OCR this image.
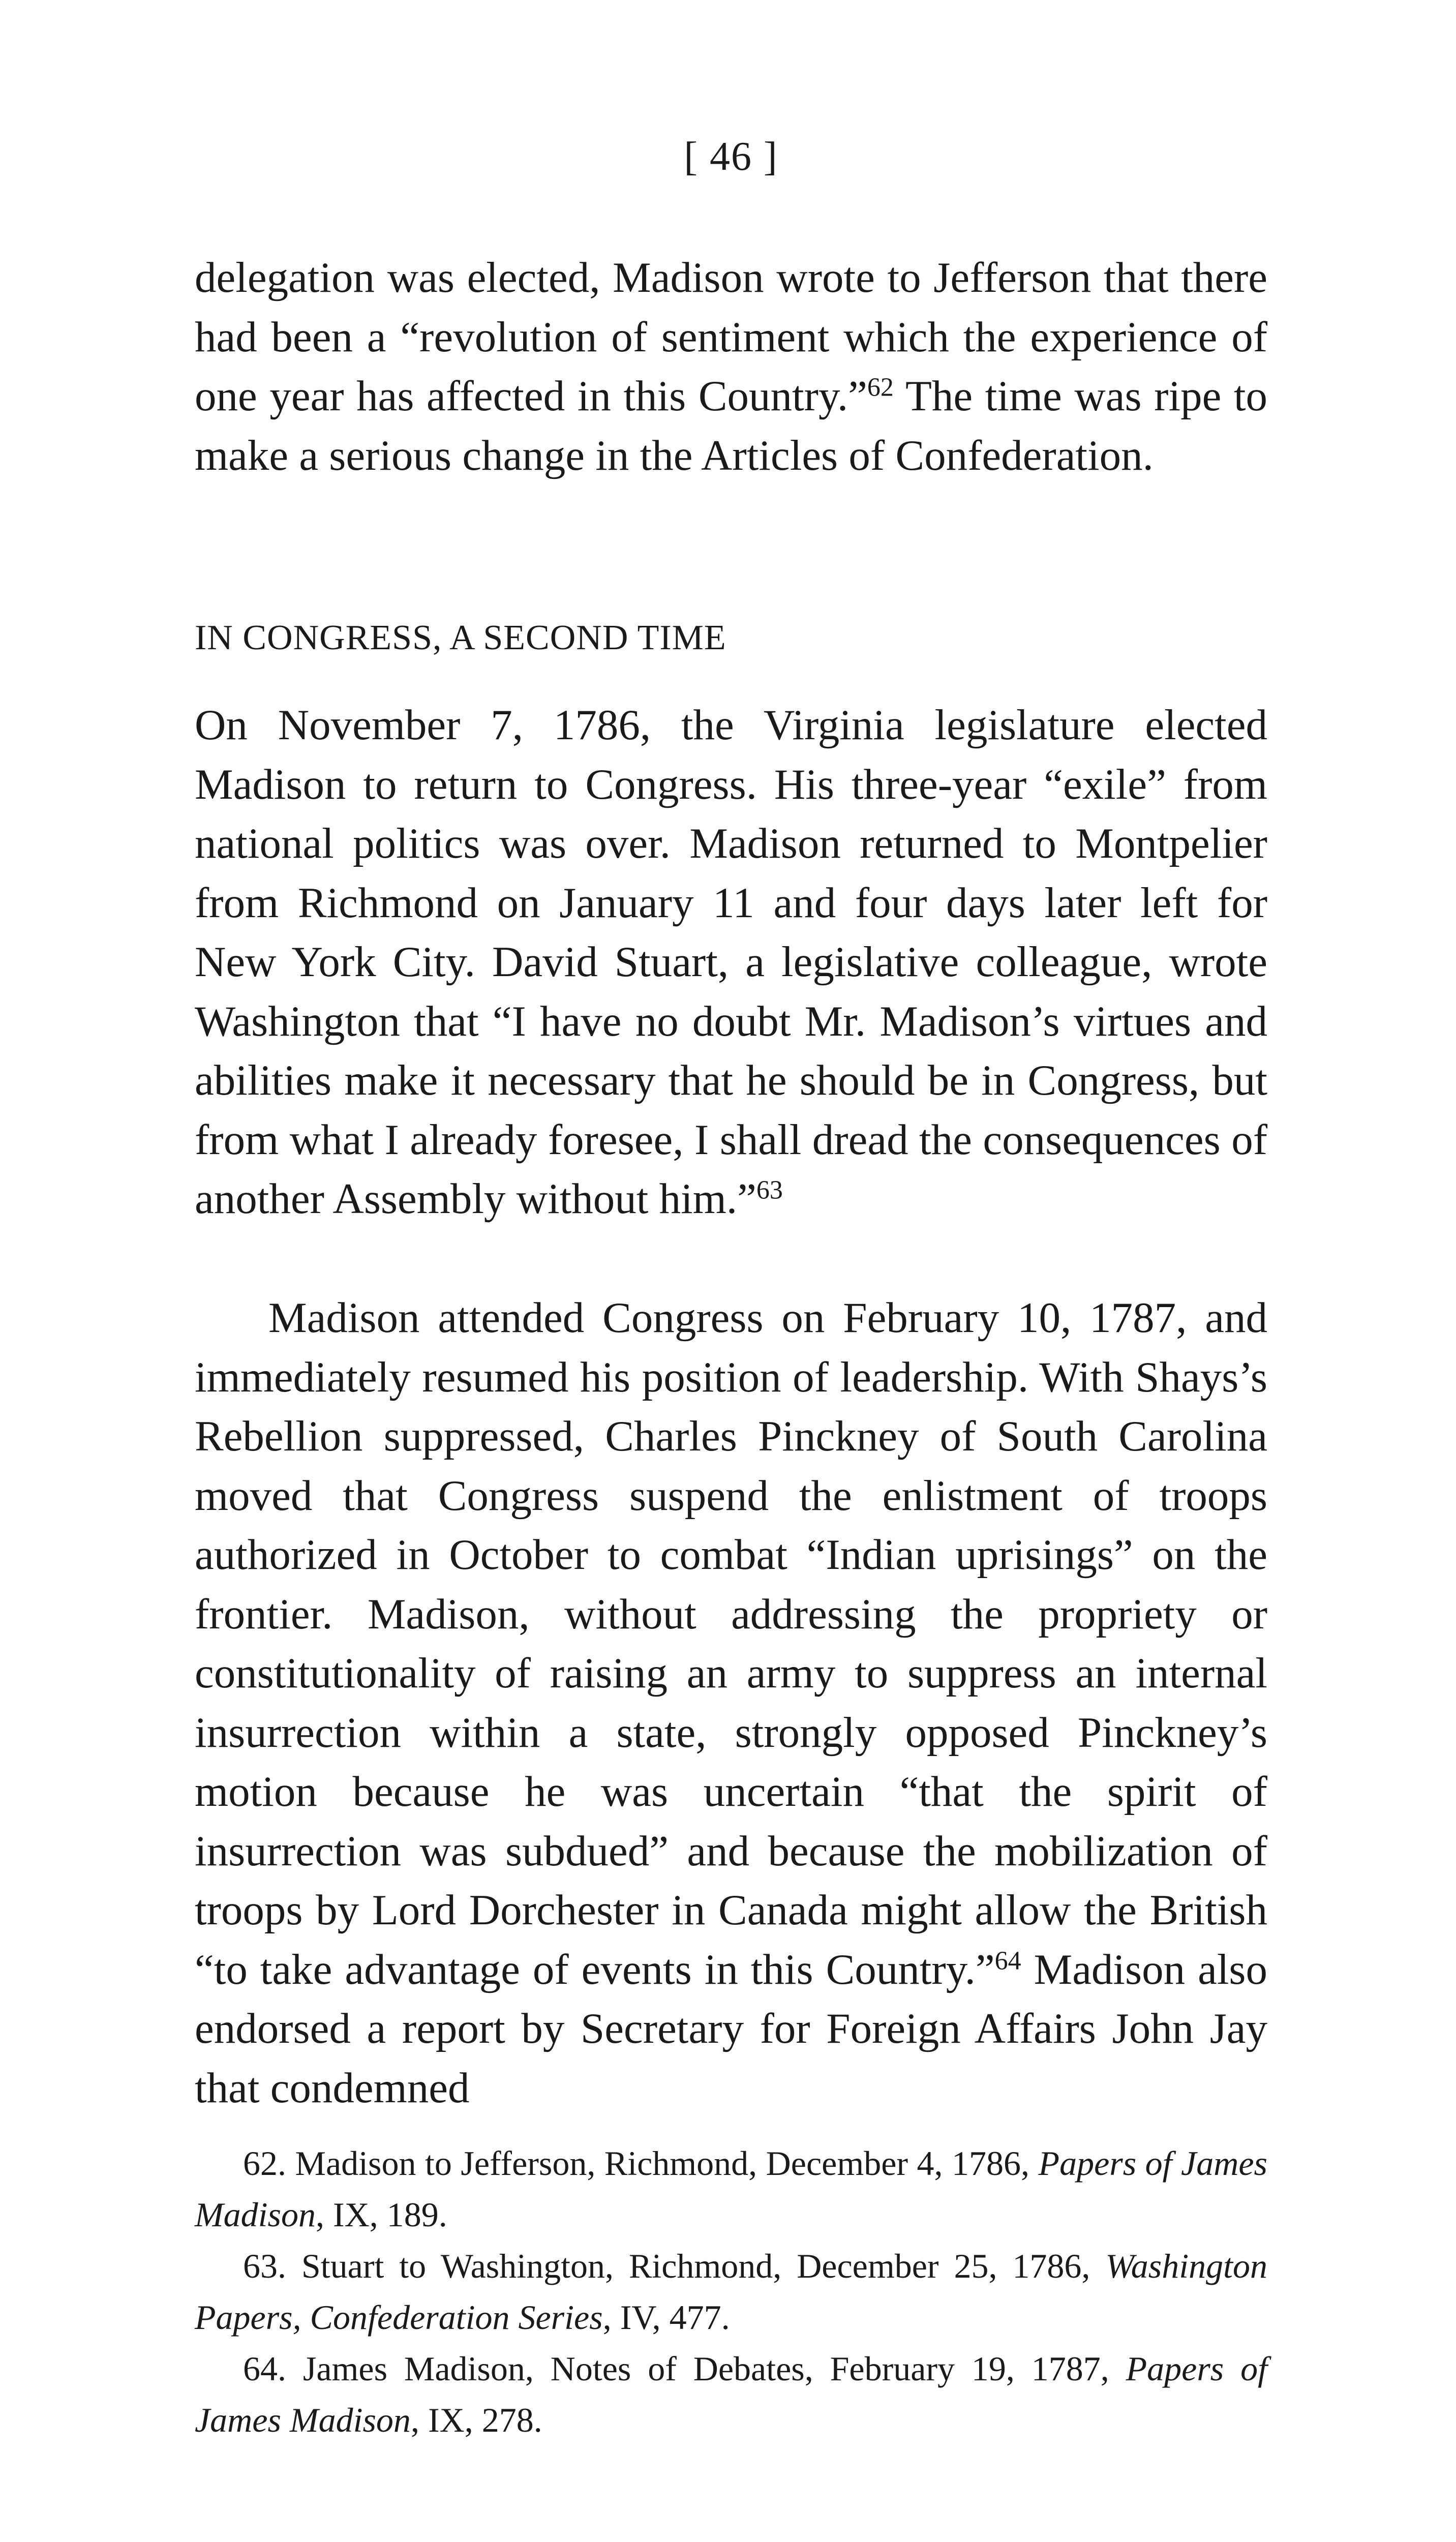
[ 46 ]

delegation was elected, Madison wrote to Jefferson that there had been a “revolution of sentiment which the experience of one year has affected in this Country.”$^{62}$ The time was ripe to make a serious change in the Articles of Confederation.

IN CONGRESS, A SECOND TIME

On November 7, 1786, the Virginia legislature elected Madison to return to Congress. His three-year “exile” from national politics was over. Madison returned to Montpelier from Richmond on January 11 and four days later left for New York City. David Stuart, a legislative colleague, wrote Washington that “I have no doubt Mr. Madison’s virtues and abilities make it necessary that he should be in Congress, but from what I already foresee, I shall dread the consequences of another Assembly without him.”$^{63}$

Madison attended Congress on February 10, 1787, and immediately resumed his position of leadership. With Shays’s Rebellion suppressed, Charles Pinckney of South Carolina moved that Congress suspend the enlistment of troops authorized in October to combat “Indian uprisings” on the frontier. Madison, without addressing the propriety or constitutionality of raising an army to suppress an internal insurrection within a state, strongly opposed Pinckney’s motion because he was uncertain “that the spirit of insurrection was subdued” and because the mobilization of troops by Lord Dorchester in Canada might allow the British “to take advantage of events in this Country.”$^{64}$ Madison also endorsed a report by Secretary for Foreign Affairs John Jay that condemned

62. Madison to Jefferson, Richmond, December 4, 1786, Papers of James Madison, IX, 189.

63. Stuart to Washington, Richmond, December 25, 1786, Washington Papers, Confederation Series, IV, 477.

64. James Madison, Notes of Debates, February 19, 1787, Papers of James Madison, IX, 278.
